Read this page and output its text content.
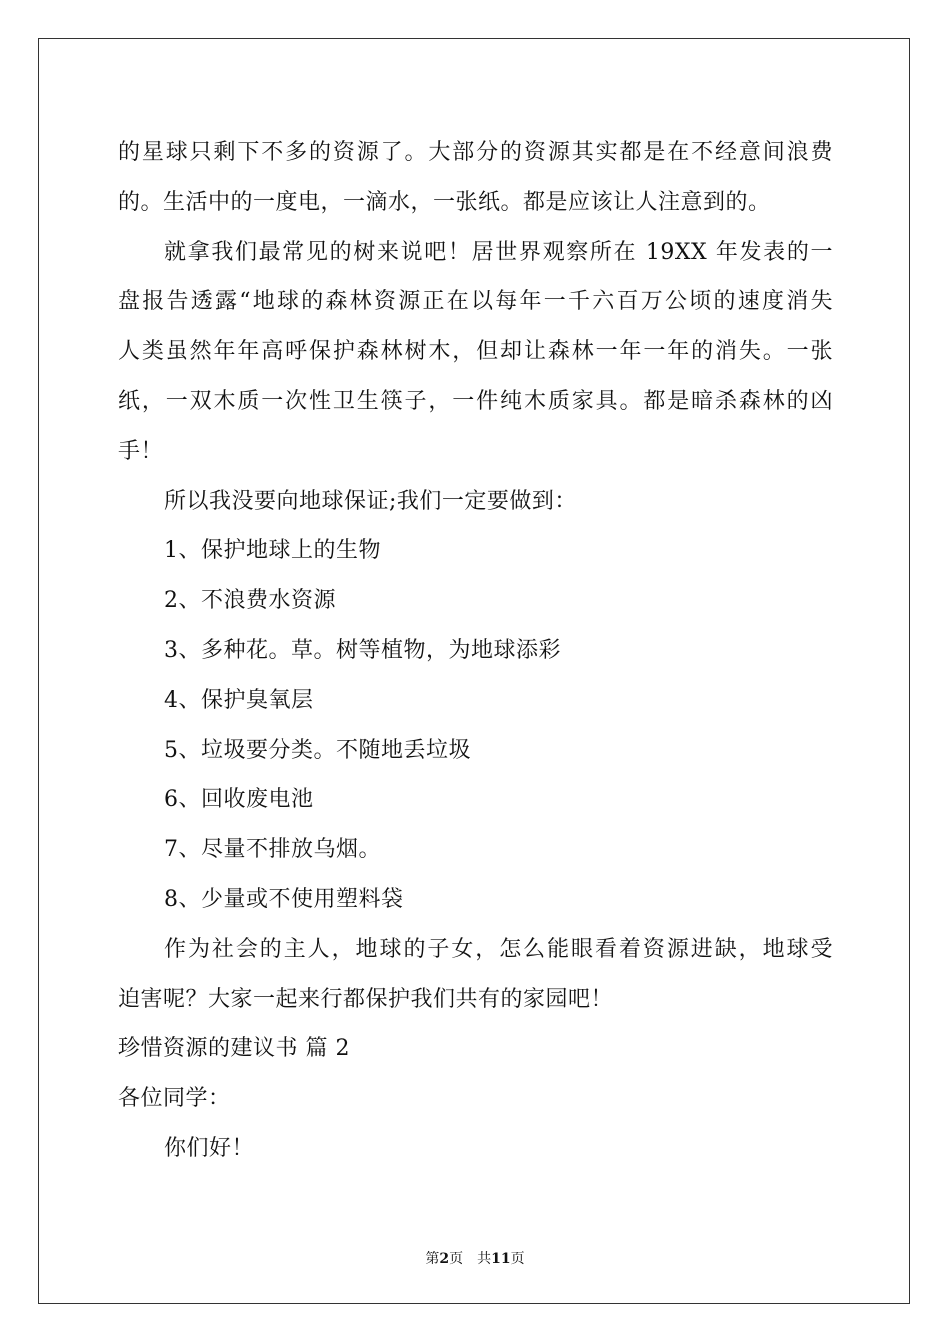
的星球只剩下不多的资源了。大部分的资源其实都是在不经意间浪费
的。生活中的一度电，一滴水，一张纸。都是应该让人注意到的。
就拿我们最常见的树来说吧！居世界观察所在 19XX 年发表的一
盘报告透露“地球的森林资源正在以每年一千六百万公顷的速度消失
人类虽然年年高呼保护森林树木，但却让森林一年一年的消失。一张
纸，一双木质一次性卫生筷子，一件纯木质家具。都是暗杀森林的凶
手！
所以我没要向地球保证;我们一定要做到：
1、保护地球上的生物
2、不浪费水资源
3、多种花。草。树等植物，为地球添彩
4、保护臭氧层
5、垃圾要分类。不随地丢垃圾
6、回收废电池
7、尽量不排放乌烟。
8、少量或不使用塑料袋
作为社会的主人，地球的子女，怎么能眼看着资源进缺，地球受
迫害呢？大家一起来行都保护我们共有的家园吧！
珍惜资源的建议书 篇 2
各位同学：
你们好！
第2页 共11页
